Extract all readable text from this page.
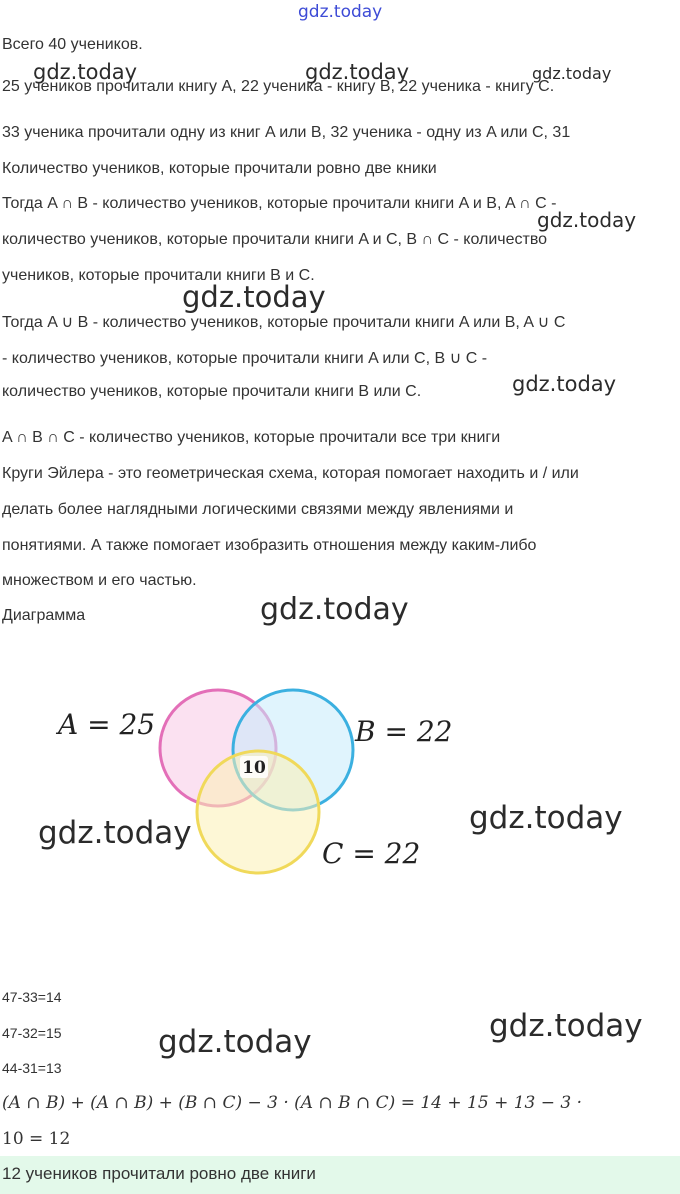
gdz.today
gdz.today	gdz.today	gdz.today
gdz.today
gdz.today
gdz.today
gdz.today
gdz.today	gdz.today
gdz.today
gdz.today
Всего 40 учеников.
25 учеников прочитали книгу A, 22 ученика - книгу B, 22 ученика - книгу C.
33 ученика прочитали одну из книг A или B, 32 ученика - одну из A или C, 31
Количество учеников, которые прочитали ровно две кники
Тогда A ∩ B - количество учеников, которые прочитали книги A и B, A ∩ C -
количество учеников, которые прочитали книги A и C, B ∩ C - количество
учеников, которые прочитали книги B и C.
Тогда A ∪ B - количество учеников, которые прочитали книги A или B, A ∪ C
- количество учеников, которые прочитали книги A или C, B ∪ C -
количество учеников, которые прочитали книги B или C.
A ∩ B ∩ C - количество учеников, которые прочитали все три книги
Круги Эйлера - это геометрическая схема, которая помогает находить и / или
делать более наглядными логическими связями между явлениями и
понятиями. А также помогает изобразить отношения между каким-либо
множеством и его частью.
Диаграмма
10
A = 25	B = 22
C = 22
47-33=14
47-32=15
44-31=13
(A ∩ B) + (A ∩ B) + (B ∩ C) − 3 · (A ∩ B ∩ C) = 14 + 15 + 13 − 3 ·
10 = 12
12 учеников прочитали ровно две книги
